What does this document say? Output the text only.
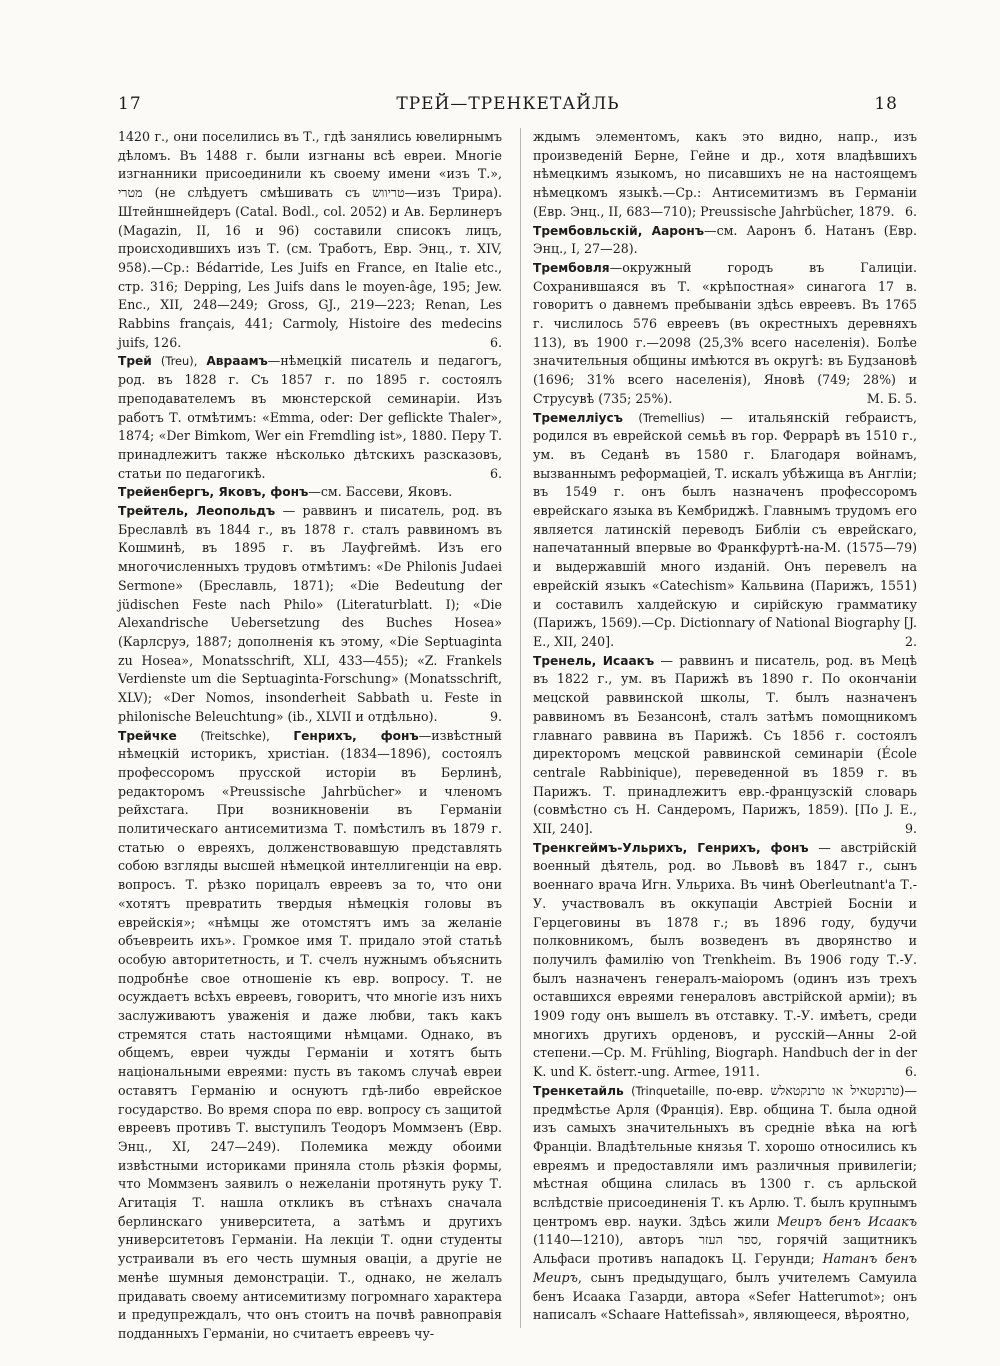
17	ТРЕЙ—ТРЕНКЕТАЙЛЬ	18

1420 г., они поселились въ Т., гдѣ занялись ювелирнымъ дѣломъ. Въ 1488 г. были изгнаны всѣ евреи. Многіе изгнанники присоединили къ своему имени «изъ Т.», מטרי (не слѣдуетъ смѣшивать съ טריווש—изъ Трира). Штейншнейдеръ (Catal. Bodl., col. 2052) и Ав. Берлинеръ (Magazin, II, 16 и 96) составили списокъ лицъ, происходившихъ изъ Т. (см. Тработъ, Евр. Энц., т. XIV, 958).—Ср.: Bédarride, Les Juifs en France, en Italie etc., стр. 316; Depping, Les Juifs dans le moyen-âge, 195; Jew. Enc., XII, 248—249; Gross, GJ., 219—223; Renan, Les Rabbins français, 441; Carmoly, Histoire des medecins juifs, 126.	6.

Трей (Treu), Авраамъ—нѣмецкій писатель и педагогъ, род. въ 1828 г. Съ 1857 г. по 1895 г. состоялъ преподавателемъ въ мюнстерской семинаріи. Изъ работъ Т. отмѣтимъ: «Emma, oder: Der geflickte Thaler», 1874; «Der Bimkom, Wer ein Fremdling ist», 1880. Перу Т. принадлежитъ также нѣсколько дѣтскихъ разсказовъ, статьи по педагогикѣ.	6.

Трейенбергъ, Яковъ, фонъ—см. Бассеви, Яковъ.

Трейтель, Леопольдъ — раввинъ и писатель, род. въ Бреславлѣ въ 1844 г., въ 1878 г. сталъ раввиномъ въ Кошминѣ, въ 1895 г. въ Лауфгеймѣ. Изъ его многочисленныхъ трудовъ отмѣтимъ: «De Philonis Judaei Sermone» (Бреславль, 1871); «Die Bedeutung der jüdischen Feste nach Philo» (Literaturblatt. I); «Die Alexandrische Uebersetzung des Buches Hosea» (Карлсруэ, 1887; дополненія къ этому, «Die Septuaginta zu Hosea», Monatsschrift, XLI, 433—455); «Z. Frankels Verdienste um die Septuaginta-Forschung» (Monatsschrift, XLV); «Der Nomos, insonderheit Sabbath u. Feste in philonische Beleuchtung» (ib., XLVII и отдѣльно).	9.

Трейчке (Treitschke), Генрихъ, фонъ—извѣстный нѣмецкій историкъ, христіан. (1834—1896), состоялъ профессоромъ прусской исторіи въ Берлинѣ, редакторомъ «Preussische Jahrbücher» и членомъ рейхстага. При возникновеніи въ Германіи политическаго антисемитизма Т. помѣстилъ въ 1879 г. статью о евреяхъ, долженствовавшую представлять собою взгляды высшей нѣмецкой интеллигенціи на евр. вопросъ. Т. рѣзко порицалъ евреевъ за то, что они «хотятъ превратить твердыя нѣмецкія головы въ еврейскія»; «нѣмцы же отомстятъ имъ за желаніе объевреить ихъ». Громкое имя Т. придало этой статьѣ особую авторитетность, и Т. счелъ нужнымъ объяснить подробнѣе свое отношеніе къ евр. вопросу. Т. не осуждаетъ всѣхъ евреевъ, говоритъ, что многіе изъ нихъ заслуживаютъ уваженія и даже любви, такъ какъ стремятся стать настоящими нѣмцами. Однако, въ общемъ, евреи чужды Германіи и хотятъ быть національными евреями: пусть въ такомъ случаѣ евреи оставятъ Германію и оснуютъ гдѣ-либо еврейское государство. Во время спора по евр. вопросу съ защитой евреевъ противъ Т. выступилъ Теодоръ Моммзенъ (Евр. Энц., XI, 247—249). Полемика между обоими извѣстными историками приняла столь рѣзкія формы, что Моммзенъ заявилъ о нежеланіи протянуть руку Т. Агитація Т. нашла откликъ въ стѣнахъ сначала берлинскаго университета, а затѣмъ и другихъ университетовъ Германіи. На лекціи Т. одни студенты устраивали въ его честь шумныя оваціи, а другіе не менѣе шумныя демонстраціи. Т., однако, не желалъ придавать своему антисемитизму погромнаго характера и предупреждалъ, что онъ стоитъ на почвѣ равноправія подданныхъ Германіи, но считаетъ евреевъ чу-

ждымъ элементомъ, какъ это видно, напр., изъ произведеній Берне, Гейне и др., хотя владѣвшихъ нѣмецкимъ языкомъ, но писавшихъ не на настоящемъ нѣмецкомъ языкѣ.—Ср.: Антисемитизмъ въ Германіи (Евр. Энц., II, 683—710); Preussische Jahrbücher, 1879. 6.

Трембовльскій, Ааронъ—см. Ааронъ б. Натанъ (Евр. Энц., I, 27—28).

Трембовля—окружный городъ въ Галиціи. Сохранившаяся въ Т. «крѣпостная» синагога 17 в. говоритъ о давнемъ пребываніи здѣсь евреевъ. Въ 1765 г. числилось 576 евреевъ (въ окрестныхъ деревняхъ 113), въ 1900 г.—2098 (25,3% всего населенія). Болѣе значительныя общины имѣются въ округѣ: въ Будзановѣ (1696; 31% всего населенія), Яновѣ (749; 28%) и Струсувѣ (735; 25%).	М. Б. 5.

Тремелліусъ (Tremellius) — итальянскій гебраистъ, родился въ еврейской семьѣ въ гор. Феррарѣ въ 1510 г., ум. въ Седанѣ въ 1580 г. Благодаря войнамъ, вызваннымъ реформаціей, Т. искалъ убѣжища въ Англіи; въ 1549 г. онъ былъ назначенъ профессоромъ еврейскаго языка въ Кембриджѣ. Главнымъ трудомъ его является латинскій переводъ Библіи съ еврейскаго, напечатанный впервые во Франкфуртѣ-на-М. (1575—79) и выдержавшій много изданій. Онъ перевелъ на еврейскій языкъ «Catechism» Кальвина (Парижъ, 1551) и составилъ халдейскую и сирійскую грамматику (Парижъ, 1569).—Ср. Dictionnary of National Biography [J. E., XII, 240].	2.

Тренель, Исаакъ — раввинъ и писатель, род. въ Мецѣ въ 1822 г., ум. въ Парижѣ въ 1890 г. По окончаніи мецской раввинской школы, Т. былъ назначенъ раввиномъ въ Безансонѣ, сталъ затѣмъ помощникомъ главнаго раввина въ Парижѣ. Съ 1856 г. состоялъ директоромъ мецской раввинской семинаріи (École centrale Rabbinique), переведенной въ 1859 г. въ Парижъ. Т. принадлежитъ евр.-французскій словарь (совмѣстно съ Н. Сандеромъ, Парижъ, 1859). [По J. E., XII, 240].	9.

Тренкгеймъ-Ульрихъ, Генрихъ, фонъ — австрійскій военный дѣятель, род. во Львовѣ въ 1847 г., сынъ военнаго врача Игн. Ульриха. Въ чинѣ Oberleutnant'a Т.-У. участвовалъ въ оккупаціи Австріей Босніи и Герцеговины въ 1878 г.; въ 1896 году, будучи полковникомъ, былъ возведенъ въ дворянство и получилъ фамилію von Trenkheim. Въ 1906 году Т.-У. былъ назначенъ генералъ-маіоромъ (одинъ изъ трехъ оставшихся евреями генераловъ австрійской арміи); въ 1909 году онъ вышелъ въ отставку. Т.-У. имѣетъ, среди многихъ другихъ орденовъ, и русскій—Анны 2-ой степени.—Ср. M. Frühling, Biograph. Handbuch der in der K. und K. österr.-ung. Armee, 1911.	6.

Тренкетайль (Trinquetaille, по-евр. טרנקטאיל או טרנקטאלש)—предмѣстье Арля (Франція). Евр. община Т. была одной изъ самыхъ значительныхъ въ средніе вѣка на югѣ Франціи. Владѣтельные князья Т. хорошо относились къ евреямъ и предоставляли имъ различныя привилегіи; мѣстная община слилась въ 1300 г. съ арльской вслѣдствіе присоединенія Т. къ Арлю. Т. былъ крупнымъ центромъ евр. науки. Здѣсь жили Меиръ бенъ Исаакъ (1140—1210), авторъ ספר העזר, горячій защитникъ Альфаси противъ нападокъ Ц. Герунди; Натанъ бенъ Меиръ, сынъ предыдущаго, былъ учителемъ Самуила бенъ Исаака Газарди, автора «Sefer Hatterumot»; онъ написалъ «Schaare Hattefissah», являющееся, вѣроятно,
